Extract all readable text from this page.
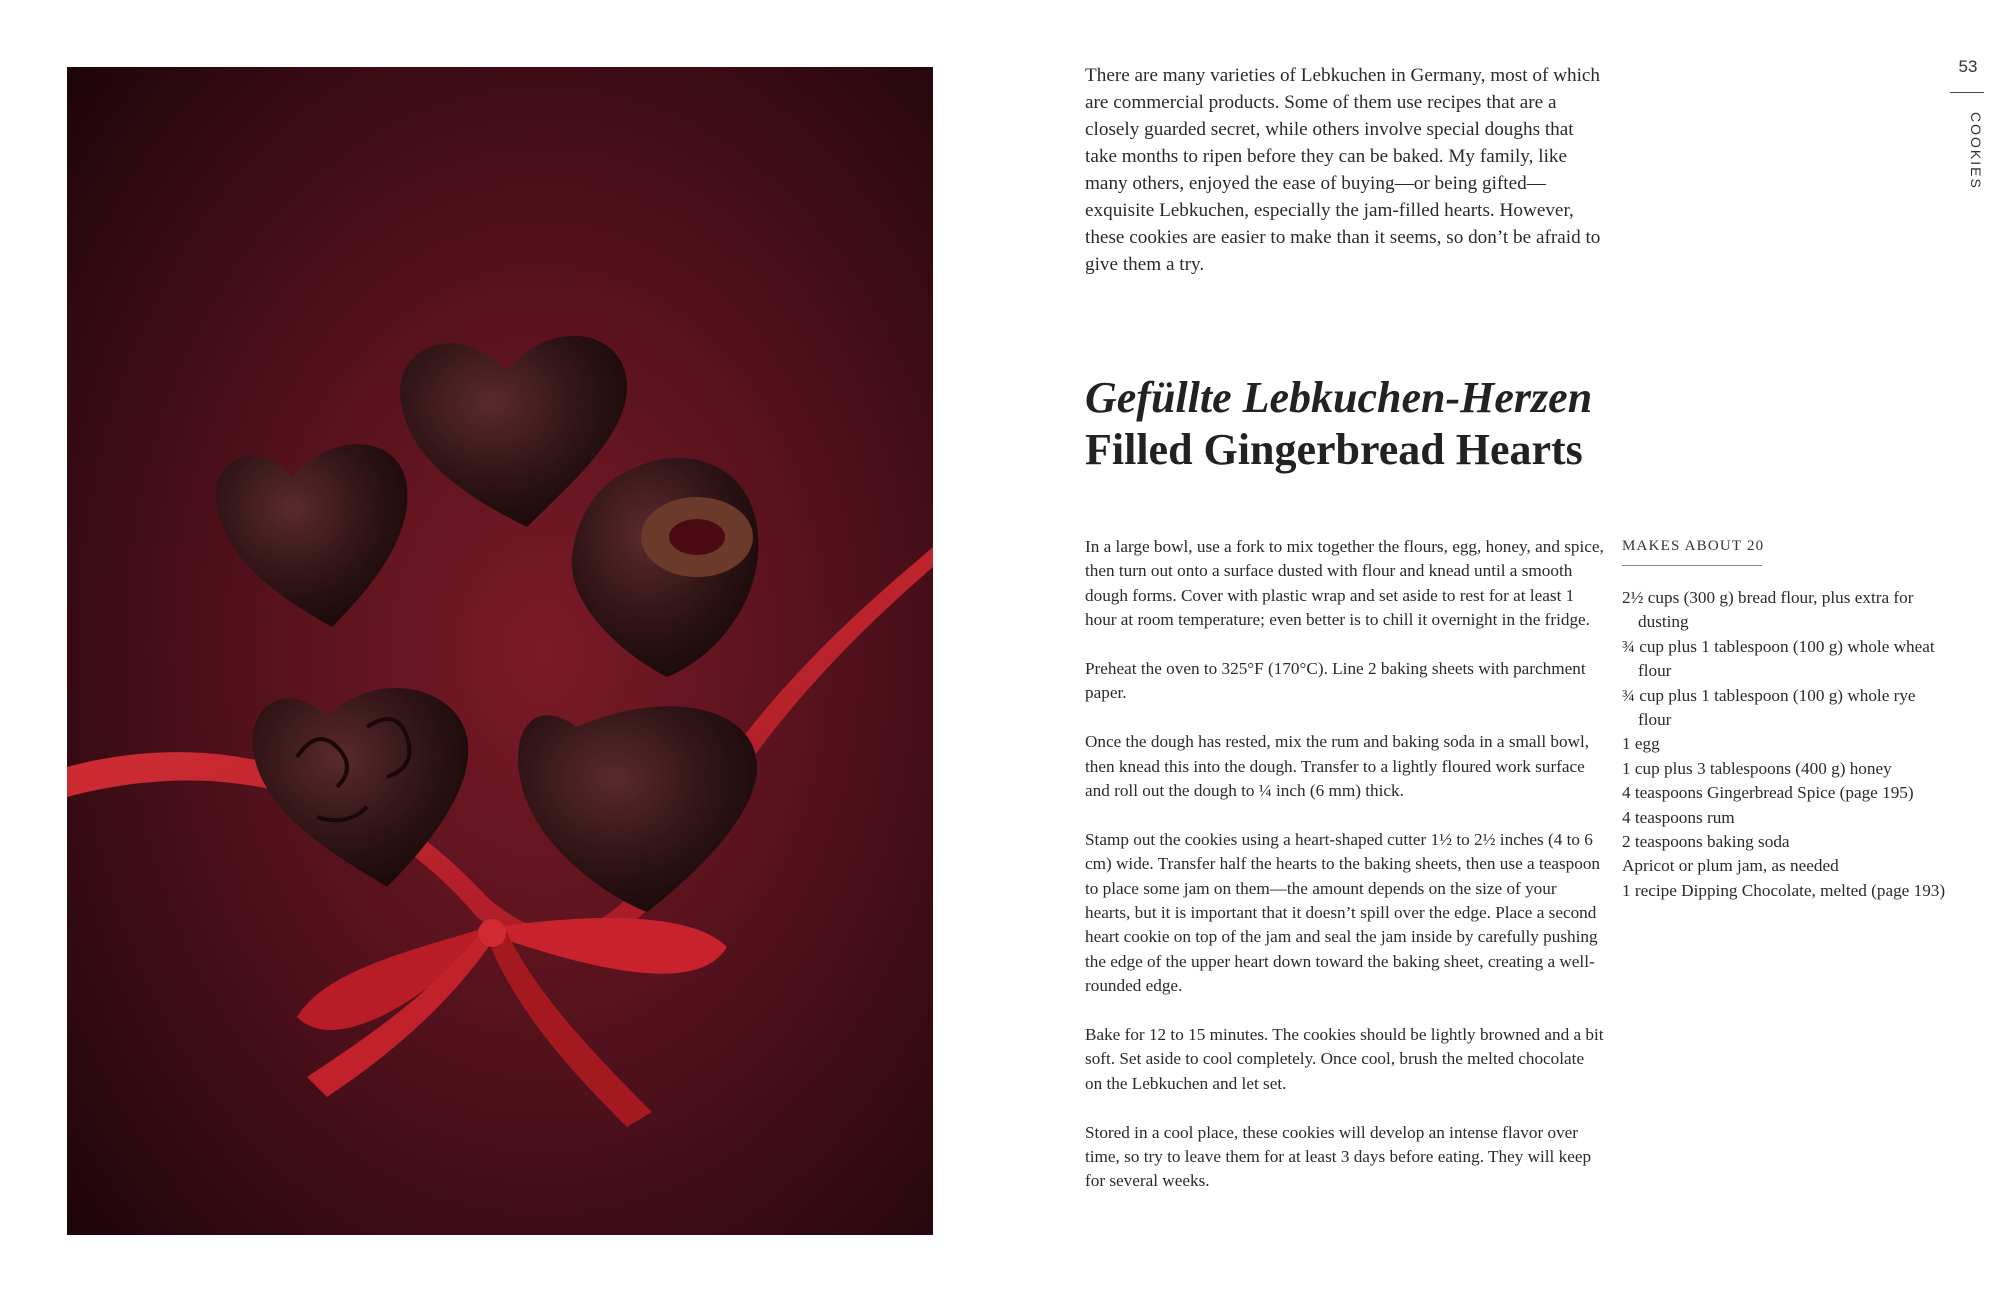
There are many varieties of Lebkuchen in Germany, most of which are commercial products. Some of them use recipes that are a closely guarded secret, while others involve special doughs that take months to ripen before they can be baked. My family, like many others, enjoyed the ease of buying—or being gifted—exquisite Lebkuchen, especially the jam-filled hearts. However, these cookies are easier to make than it seems, so don’t be afraid to give them a try.

Gefüllte Lebkuchen-Herzen
Filled Gingerbread Hearts

In a large bowl, use a fork to mix together the flours, egg, honey, and spice, then turn out onto a surface dusted with flour and knead until a smooth dough forms. Cover with plastic wrap and set aside to rest for at least 1 hour at room temperature; even better is to chill it overnight in the fridge.

Preheat the oven to 325°F (170°C). Line 2 baking sheets with parchment paper.

Once the dough has rested, mix the rum and baking soda in a small bowl, then knead this into the dough. Transfer to a lightly floured work surface and roll out the dough to ¼ inch (6 mm) thick.

Stamp out the cookies using a heart-shaped cutter 1½ to 2½ inches (4 to 6 cm) wide. Transfer half the hearts to the baking sheets, then use a teaspoon to place some jam on them—the amount depends on the size of your hearts, but it is important that it doesn’t spill over the edge. Place a second heart cookie on top of the jam and seal the jam inside by carefully pushing the edge of the upper heart down toward the baking sheet, creating a well-rounded edge.

Bake for 12 to 15 minutes. The cookies should be lightly browned and a bit soft. Set aside to cool completely. Once cool, brush the melted chocolate on the Lebkuchen and let set.

Stored in a cool place, these cookies will develop an intense flavor over time, so try to leave them for at least 3 days before eating. They will keep for several weeks.

MAKES ABOUT 20

2½ cups (300 g) bread flour, plus extra for dusting
¾ cup plus 1 tablespoon (100 g) whole wheat flour
¾ cup plus 1 tablespoon (100 g) whole rye flour
1 egg
1 cup plus 3 tablespoons (400 g) honey
4 teaspoons Gingerbread Spice (page 195)
4 teaspoons rum
2 teaspoons baking soda
Apricot or plum jam, as needed
1 recipe Dipping Chocolate, melted (page 193)
53
COOKIES
